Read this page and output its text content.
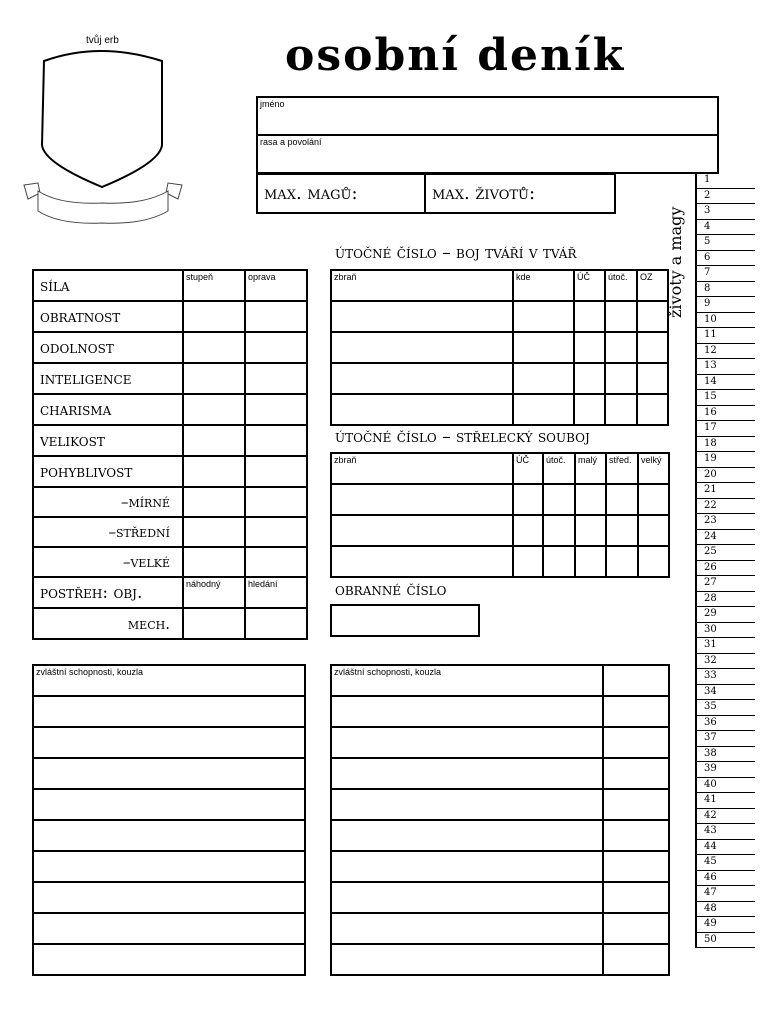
osobní deník
tvůj erb
jméno
rasa a povolání
max. magů:	max. životů:
síla	stupeň	oprava
obratnost		
odolnost		
inteligence		
charisma		
velikost		
pohyblivost		
–mírné		
–střední		
–velké		
postřeh: obj.	náhodný	hledání
mech.		
útočné číslo – boj tváří v tvář
zbraň	kde	ÚČ	útoč.	OZ

útočné číslo – střelecký souboj
zbraň	ÚČ	útoč.	malý	střed.	velký

obranné číslo
zvláštní schopnosti, kouzla	zvláštní schopnosti, kouzla	

životy a magy
1
2
3
4
5
6
7
8
9
10
11
12
13
14
15
16
17
18
19
20
21
22
23
24
25
26
27
28
29
30
31
32
33
34
35
36
37
38
39
40
41
42
43
44
45
46
47
48
49
50
